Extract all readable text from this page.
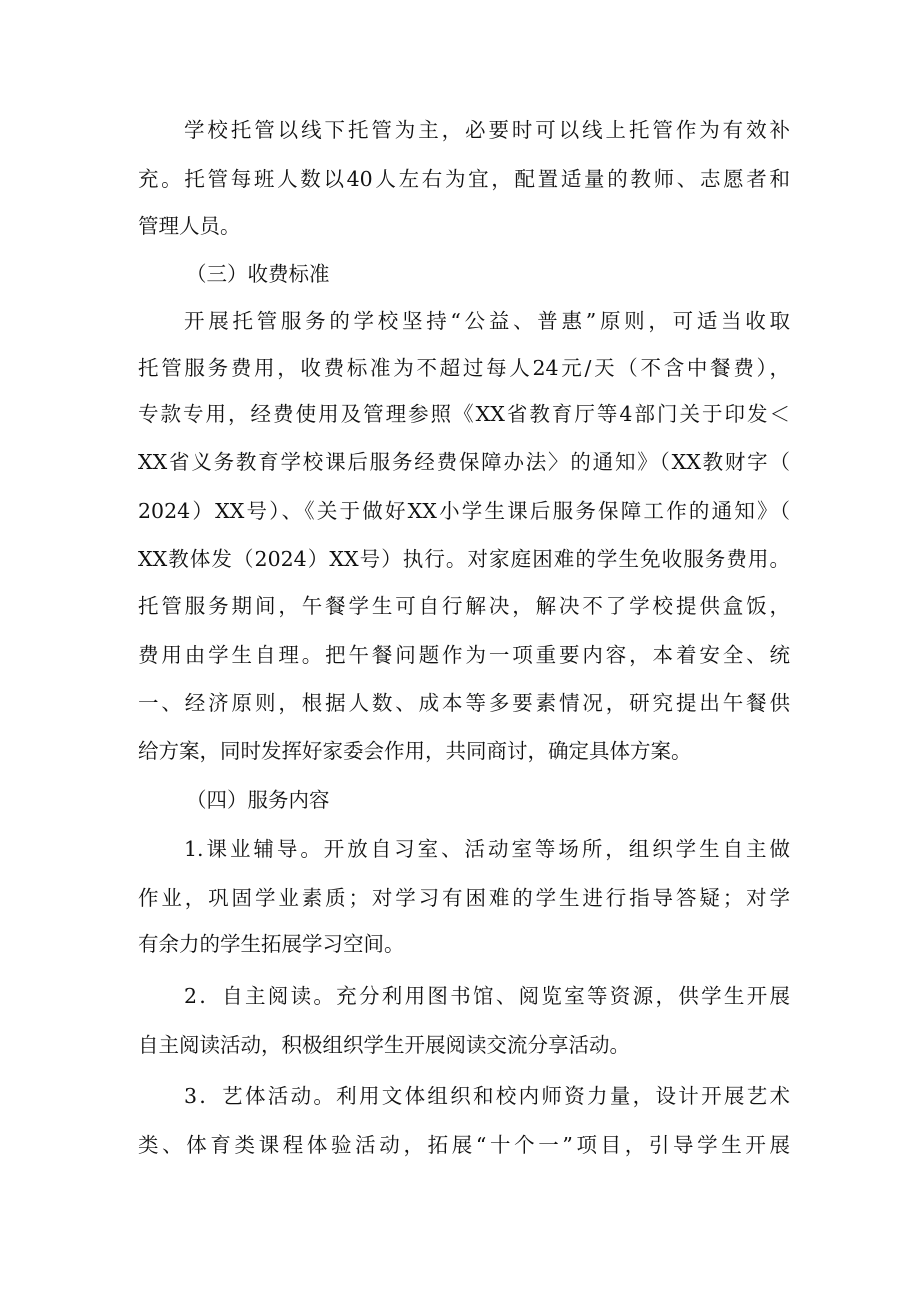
学校托管以线下托管为主，必要时可以线上托管作为有效补
充。托管每班人数以40人左右为宜，配置适量的教师、志愿者和
管理人员。
（三）收费标准
开展托管服务的学校坚持“公益、普惠”原则，可适当收取
托管服务费用，收费标准为不超过每人24元/天（不含中餐费），
专款专用，经费使用及管理参照《XX省教育厅等4部门关于印发＜
XX省义务教育学校课后服务经费保障办法〉的通知》（XX教财字（
2024）XX号）、《关于做好XX小学生课后服务保障工作的通知》（
XX教体发（2024）XX号）执行。对家庭困难的学生免收服务费用。
托管服务期间，午餐学生可自行解决，解决不了学校提供盒饭，
费用由学生自理。把午餐问题作为一项重要内容，本着安全、统
一、经济原则，根据人数、成本等多要素情况，研究提出午餐供
给方案，同时发挥好家委会作用，共同商讨，确定具体方案。
（四）服务内容
1.课业辅导。开放自习室、活动室等场所，组织学生自主做
作业，巩固学业素质；对学习有困难的学生进行指导答疑；对学
有余力的学生拓展学习空间。
2．自主阅读。充分利用图书馆、阅览室等资源，供学生开展
自主阅读活动，积极组织学生开展阅读交流分享活动。
3．艺体活动。利用文体组织和校内师资力量，设计开展艺术
类、体育类课程体验活动，拓展“十个一”项目，引导学生开展
